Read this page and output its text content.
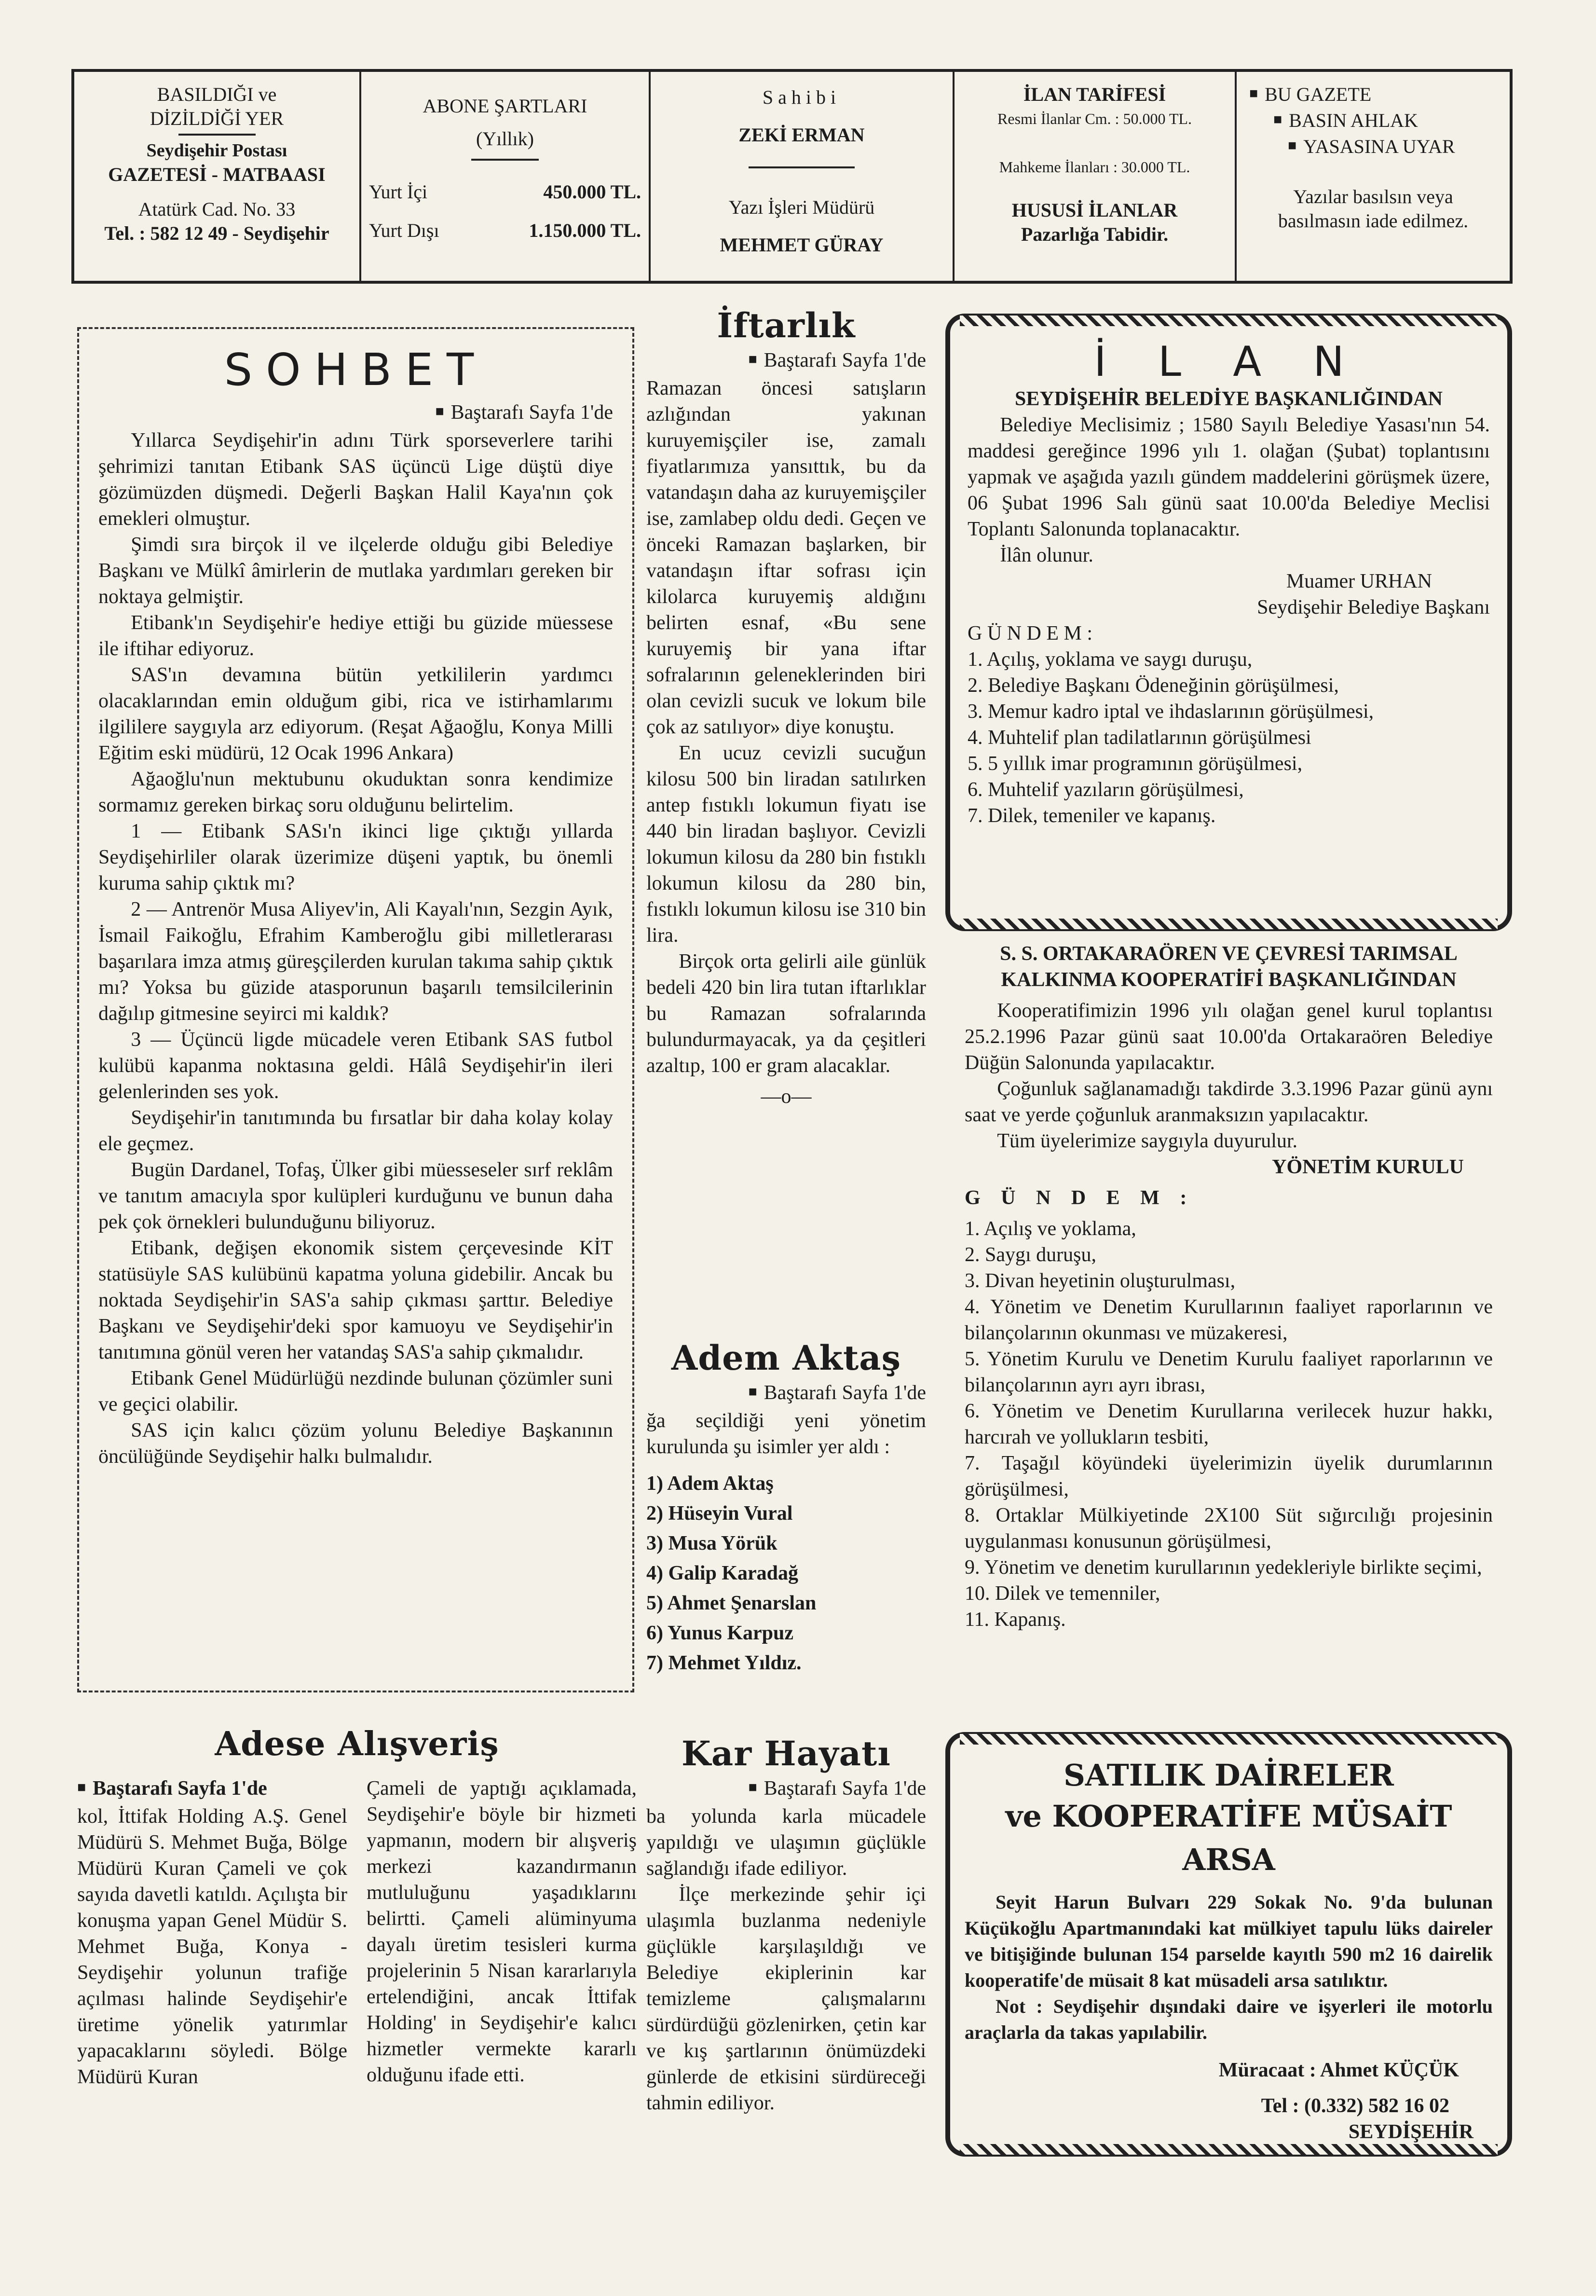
BASILDIĞI ve
DİZİLDİĞİ YER
Seydişehir Postası
GAZETESİ - MATBAASI
Atatürk Cad. No. 33
Tel. : 582 12 49 - Seydişehir
ABONE ŞARTLARI
(Yıllık)
Yurt İçi	450.000 TL.
Yurt Dışı	1.150.000 TL.
Sahibi
ZEKİ ERMAN
Yazı İşleri Müdürü
MEHMET GÜRAY
İLAN TARİFESİ
Resmi İlanlar Cm. : 50.000 TL.
Mahkeme İlanları : 30.000 TL.
HUSUSİ İLANLAR
Pazarlığa Tabidir.
■ BU GAZETE
■ BASIN AHLAK
■ YASASINA UYAR
Yazılar basılsın veya
basılmasın iade edilmez.
SOHBET
■ Baştarafı Sayfa 1'de

Yıllarca Seydişehir'in adını Türk sporseverlere tarihi şehrimizi tanıtan Etibank SAS üçüncü Lige düştü diye gözümüzden düşmedi. Değerli Başkan Halil Kaya'nın çok emekleri olmuştur.

Şimdi sıra birçok il ve ilçelerde olduğu gibi Belediye Başkanı ve Mülkî âmirlerin de mutlaka yardımları gereken bir noktaya gelmiştir.

Etibank'ın Seydişehir'e hediye ettiği bu güzide müessese ile iftihar ediyoruz.

SAS'ın devamına bütün yetkililerin yardımcı olacaklarından emin olduğum gibi, rica ve istirhamlarımı ilgililere saygıyla arz ediyorum. (Reşat Ağaoğlu, Konya Milli Eğitim eski müdürü, 12 Ocak 1996 Ankara)

Ağaoğlu'nun mektubunu okuduktan sonra kendimize sormamız gereken birkaç soru olduğunu belirtelim.

1 — Etibank SASı'n ikinci lige çıktığı yıllarda Seydişehirliler olarak üzerimize düşeni yaptık, bu önemli kuruma sahip çıktık mı?

2 — Antrenör Musa Aliyev'in, Ali Kayalı'nın, Sezgin Ayık, İsmail Faikoğlu, Efrahim Kamberoğlu gibi milletlerarası başarılara imza atmış güreşçilerden kurulan takıma sahip çıktık mı? Yoksa bu güzide atasporunun başarılı temsilcilerinin dağılıp gitmesine seyirci mi kaldık?

3 — Üçüncü ligde mücadele veren Etibank SAS futbol kulübü kapanma noktasına geldi. Hâlâ Seydişehir'in ileri gelenlerinden ses yok.

Seydişehir'in tanıtımında bu fırsatlar bir daha kolay kolay ele geçmez.

Bugün Dardanel, Tofaş, Ülker gibi müesseseler sırf reklâm ve tanıtım amacıyla spor kulüpleri kurduğunu ve bunun daha pek çok örnekleri bulunduğunu biliyoruz.

Etibank, değişen ekonomik sistem çerçevesinde KİT statüsüyle SAS kulübünü kapatma yoluna gidebilir. Ancak bu noktada Seydişehir'in SAS'a sahip çıkması şarttır. Belediye Başkanı ve Seydişehir'deki spor kamuoyu ve Seydişehir'in tanıtımına gönül veren her vatandaş SAS'a sahip çıkmalıdır.

Etibank Genel Müdürlüğü nezdinde bulunan çözümler suni ve geçici olabilir.

SAS için kalıcı çözüm yolunu Belediye Başkanının öncülüğünde Seydişehir halkı bulmalıdır.

Adese Alışveriş

■ Baştarafı Sayfa 1'de

kol, İttifak Holding A.Ş. Genel Müdürü S. Mehmet Buğa, Bölge Müdürü Kuran Çameli ve çok sayıda davetli katıldı. Açılışta bir konuşma yapan Genel Müdür S. Mehmet Buğa, Konya - Seydişehir yolunun trafiğe açılması halinde Seydişehir'e üretime yönelik yatırımlar yapacaklarını söyledi. Bölge Müdürü Kuran

Çameli de yaptığı açıklamada, Seydişehir'e böyle bir hizmeti yapmanın, modern bir alışveriş merkezi kazandırmanın mutluluğunu yaşadıklarını belirtti. Çameli alüminyuma dayalı üretim tesisleri kurma projelerinin 5 Nisan kararlarıyla ertelendiğini, ancak İttifak Holding' in Seydişehir'e kalıcı hizmetler vermekte kararlı olduğunu ifade etti.

İftarlık

■ Baştarafı Sayfa 1'de

Ramazan öncesi satışların azlığından yakınan kuruyemişçiler ise, zamalı fiyatlarımıza yansıttık, bu da vatandaşın daha az kuruyemişçiler ise, zamlabep oldu dedi. Geçen ve önceki Ramazan başlarken, bir vatandaşın iftar sofrası için kilolarca kuruyemiş aldığını belirten esnaf, «Bu sene kuruyemiş bir yana iftar sofralarının geleneklerinden biri olan cevizli sucuk ve lokum bile çok az satılıyor» diye konuştu.

En ucuz cevizli sucuğun kilosu 500 bin liradan satılırken antep fıstıklı lokumun fiyatı ise 440 bin liradan başlıyor. Cevizli lokumun kilosu da 280 bin fıstıklı lokumun kilosu da 280 bin, fıstıklı lokumun kilosu ise 310 bin lira.

Birçok orta gelirli aile günlük bedeli 420 bin lira tutan iftarlıklar bu Ramazan sofralarında bulundurmayacak, ya da çeşitleri azaltıp, 100 er gram alacaklar.

—o—
Adem Aktaş

■ Baştarafı Sayfa 1'de

ğa seçildiği yeni yönetim kurulunda şu isimler yer aldı :

1) Adem Aktaş
2) Hüseyin Vural
3) Musa Yörük
4) Galip Karadağ
5) Ahmet Şenarslan
6) Yunus Karpuz
7) Mehmet Yıldız.
Kar Hayatı

■ Baştarafı Sayfa 1'de

ba yolunda karla mücadele yapıldığı ve ulaşımın güçlükle sağlandığı ifade ediliyor.

İlçe merkezinde şehir içi ulaşımla buzlanma nedeniyle güçlükle karşılaşıldığı ve Belediye ekiplerinin kar temizleme çalışmalarını sürdürdüğü gözlenirken, çetin kar ve kış şartlarının önümüzdeki günlerde de etkisini sürdüreceği tahmin ediliyor.

İ L A N
SEYDİŞEHİR BELEDİYE BAŞKANLIĞINDAN

Belediye Meclisimiz ; 1580 Sayılı Belediye Yasası'nın 54. maddesi gereğince 1996 yılı 1. olağan (Şubat) toplantısını yapmak ve aşağıda yazılı gündem maddelerini görüşmek üzere, 06 Şubat 1996 Salı günü saat 10.00'da Belediye Meclisi Toplantı Salonunda toplanacaktır.

İlân olunur.

Muamer URHAN
Seydişehir Belediye Başkanı
G Ü N D E M :
1. Açılış, yoklama ve saygı duruşu,
2. Belediye Başkanı Ödeneğinin görüşülmesi,
3. Memur kadro iptal ve ihdaslarının görüşülmesi,
4. Muhtelif plan tadilatlarının görüşülmesi
5. 5 yıllık imar programının görüşülmesi,
6. Muhtelif yazıların görüşülmesi,
7. Dilek, temeniler ve kapanış.
S. S. ORTAKARAÖREN VE ÇEVRESİ TARIMSAL
KALKINMA KOOPERATİFİ BAŞKANLIĞINDAN

Kooperatifimizin 1996 yılı olağan genel kurul toplantısı 25.2.1996 Pazar günü saat 10.00'da Ortakaraören Belediye Düğün Salonunda yapılacaktır.

Çoğunluk sağlanamadığı takdirde 3.3.1996 Pazar günü aynı saat ve yerde çoğunluk aranmaksızın yapılacaktır.

Tüm üyelerimize saygıyla duyurulur.

YÖNETİM KURULU
G Ü N D E M :
1. Açılış ve yoklama,
2. Saygı duruşu,
3. Divan heyetinin oluşturulması,
4. Yönetim ve Denetim Kurullarının faaliyet raporlarının ve bilançolarının okunması ve müzakeresi,
5. Yönetim Kurulu ve Denetim Kurulu faaliyet raporlarının ve bilançolarının ayrı ayrı ibrası,
6. Yönetim ve Denetim Kurullarına verilecek huzur hakkı, harcırah ve yollukların tesbiti,
7. Taşağıl köyündeki üyelerimizin üyelik durumlarının görüşülmesi,
8. Ortaklar Mülkiyetinde 2X100 Süt sığırcılığı projesinin uygulanması konusunun görüşülmesi,
9. Yönetim ve denetim kurullarının yedekleriyle birlikte seçimi,
10. Dilek ve temenniler,
11. Kapanış.
SATILIK DAİRELER
ve KOOPERATİFE MÜSAİT ARSA

Seyit Harun Bulvarı 229 Sokak No. 9'da bulunan Küçükoğlu Apartmanındaki kat mülkiyet tapulu lüks daireler ve bitişiğinde bulunan 154 parselde kayıtlı 590 m2 16 dairelik kooperatife'de müsait 8 kat müsadeli arsa satılıktır.

Not : Seydişehir dışındaki daire ve işyerleri ile motorlu araçlarla da takas yapılabilir.

Müracaat : Ahmet KÜÇÜK
Tel : (0.332) 582 16 02
SEYDİŞEHİR
